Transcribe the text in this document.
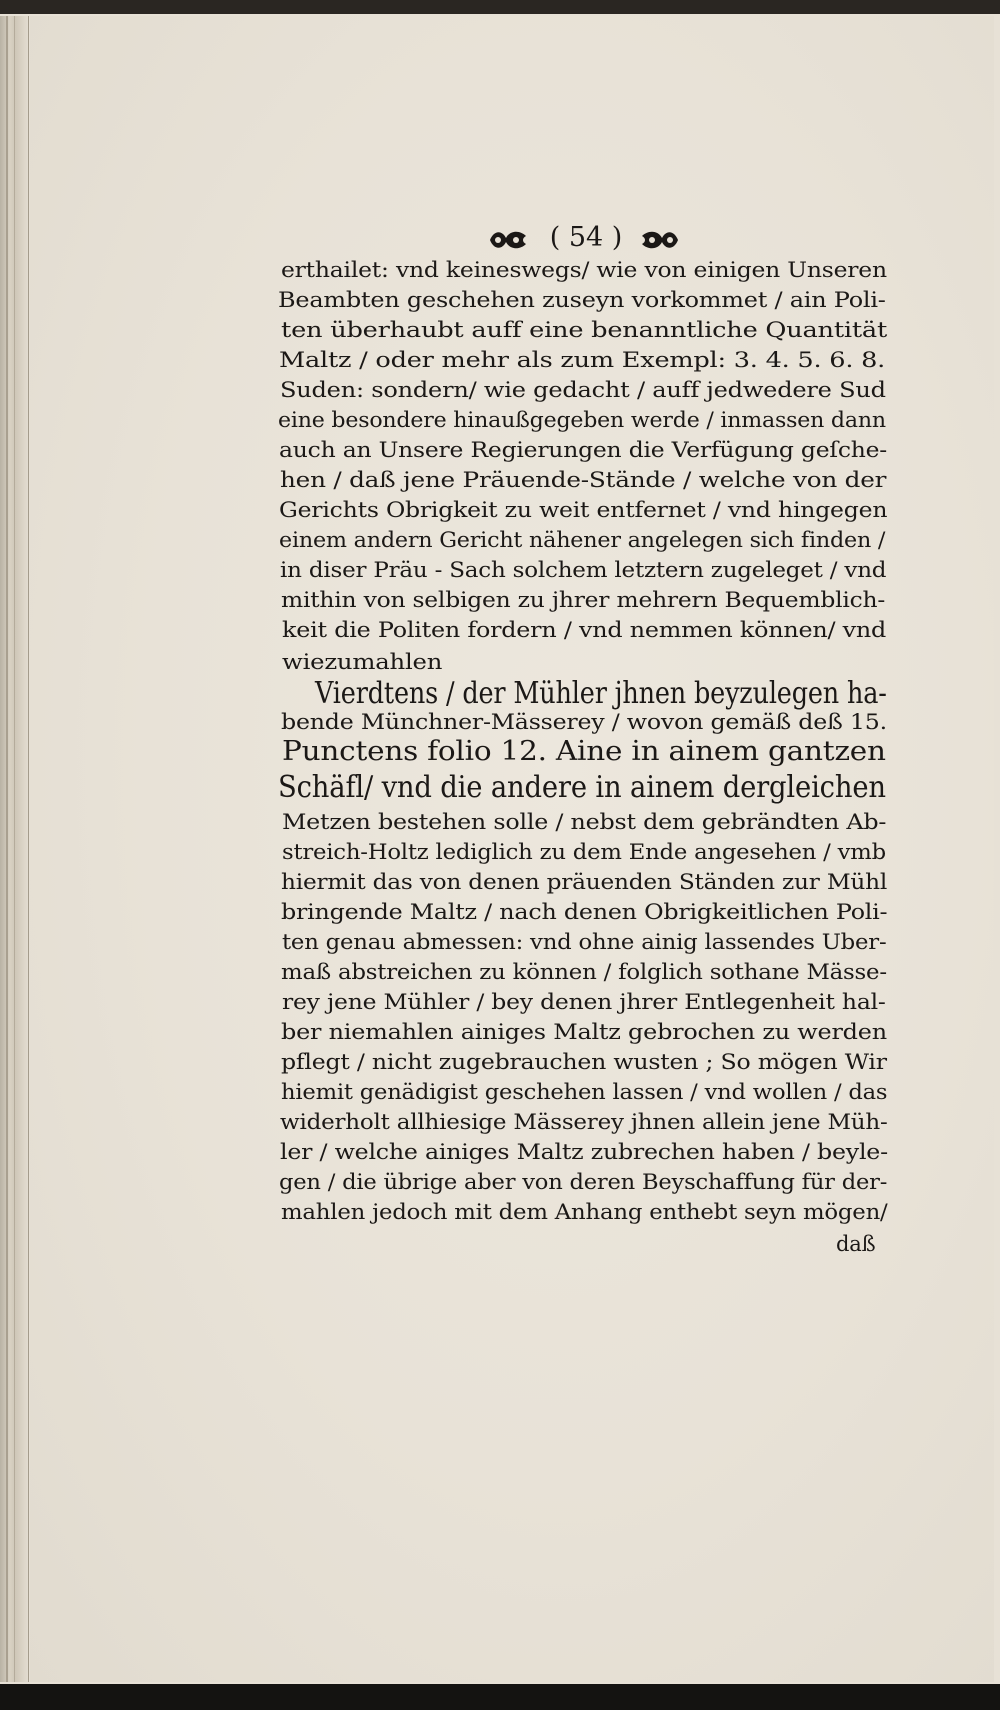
( 54 )
erthailet: vnd keineswegs/ wie von einigen Unseren
Beambten geschehen zuseyn vorkommet / ain Poli-
ten überhaubt auff eine benanntliche Quantität
Maltz / oder mehr als zum Exempl: 3. 4. 5. 6. 8.
Suden: sondern/ wie gedacht / auff jedwedere Sud
eine besondere hinaußgegeben werde / inmassen dann
auch an Unsere Regierungen die Verfügung geſche-
hen / daß jene Präuende-Stände / welche von der
Gerichts Obrigkeit zu weit entfernet / vnd hingegen
einem andern Gericht nähener angelegen sich finden /
in diser Präu - Sach solchem letztern zugeleget / vnd
mithin von selbigen zu jhrer mehrern Bequemblich-
keit die Politen fordern / vnd nemmen können/ vnd
wiezumahlen
Vierdtens / der Mühler jhnen beyzulegen ha-
bende Münchner-Mässerey / wovon gemäß deß 15.
Punctens folio 12. Aine in ainem gantzen
Schäfl/ vnd die andere in ainem dergleichen
Metzen bestehen solle / nebst dem gebrändten Ab-
streich-Holtz lediglich zu dem Ende angesehen / vmb
hiermit das von denen präuenden Ständen zur Mühl
bringende Maltz / nach denen Obrigkeitlichen Poli-
ten genau abmessen: vnd ohne ainig lassendes Uber-
maß abstreichen zu können / folglich sothane Mässe-
rey jene Mühler / bey denen jhrer Entlegenheit hal-
ber niemahlen ainiges Maltz gebrochen zu werden
pflegt / nicht zugebrauchen wusten ; So mögen Wir
hiemit genädigist geschehen lassen / vnd wollen / das
widerholt allhiesige Mässerey jhnen allein jene Müh-
ler / welche ainiges Maltz zubrechen haben / beyle-
gen / die übrige aber von deren Beyschaffung für der-
mahlen jedoch mit dem Anhang enthebt seyn mögen/
daß
